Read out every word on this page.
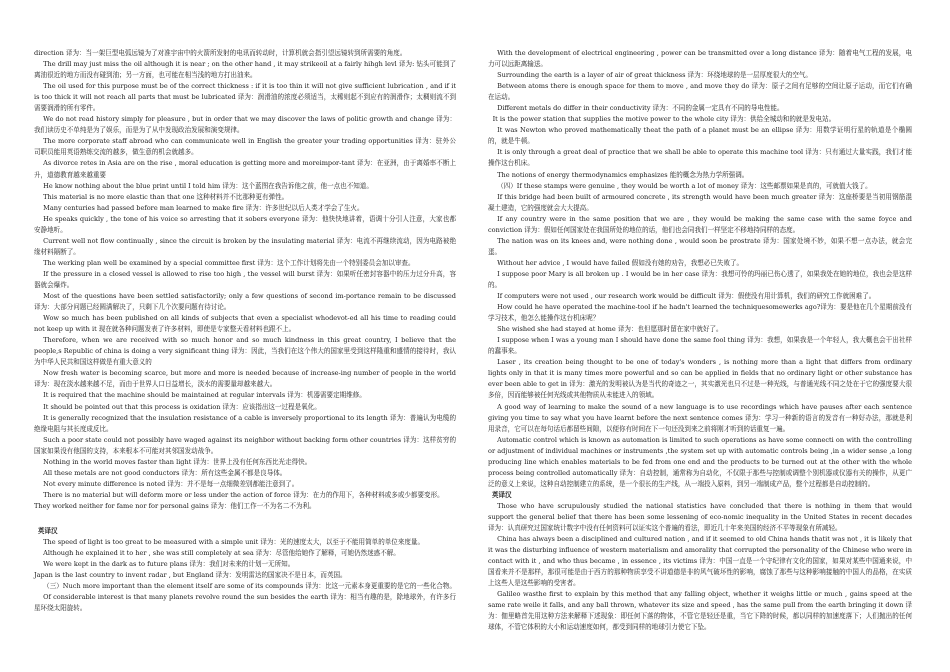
direction 译为：当一架巨型电弧远镜为了对准宇宙中的火箭所发射的电讯而转动时，计算机就会指引望远镜转到所需要的角度。

The drill may just miss the oil although it is near ; on the other hand , it may strikeoil at a fairly hihgh levl 译为: 钻头可能到了离油很近的地方而没有碰到油；另一方面，也可能在相当浅的地方打出油来。

The oil used for this purpose must be of the correct thickness : if it is too thin it will not give sufficient lubrication , and if it is too thick it will not reach all parts that must be lubricated 译为：润滑油的浓度必须适当，太稀则起不到应有的润滑作；太稠则流不到需要润滑的所有零件。

We do not read history simply for pleasure , but in order that we may discover the laws of politic growth and change 译为：我们读历史不单纯是为了娱乐，而是为了从中发现政治发展和演变规律。

The more corporate staff abroad who can communicate well in English the greater your trading opportunities 译为：驻外公司职员能用英语熟练交流的越多，做生意的机会就越多。

As divorce retes in Asia are on the rise , moral education is getting more and moreimpor-tant 译为：在亚洲，由于离婚率不断上升，道德教育越来越重要

He know nothing about the blue print until I told him 译为：这个蓝图在我告诉他之前，他一点也不知道。

This material is no more elastic than that one 这种材料并不比那种更有弹性。

Many centuries had passed before man learned to make fire 译为：许多世纪以后人类才学会了生火。

He speaks quickly , the tone of his voice so arresting that it sobers everyone 译为：他快快地讲着，语调十分引人注意，大家也都安静地听。

Current well not flow continually , since the circuit is broken by the insulating material 译为：电流不再继续流动，因为电路被绝缘材料隔断了。

The werking plan well be examined by a special committee first 译为：这个工作计划将先由一个特别委员会加以审查。

If the pressure in a closed vessel is allowed to rise too high , the vessel will burst 译为：如果听任密封容器中的压力过分升高，容器就会爆炸。

Most of the questions have been settled satisfactorily; only a few questions of second im-portance remain to be discussed 译为：大部分问题已经圆满解决了，只剩下几个次要问题有待讨论。

Wow so much has been published on all kinds of subjects that even a specialist whodevot-ed all his time to reading could not keep up with it 现在就各种问题发表了许多材料，即使是专家整天看材料也跟不上。

Therefore, when we are received with so much honor and so much kindness in this great country, I believe that the people,s Republic of china is doing a very significant thing 译为：因此，当我们在这个伟大的国家里受到这样隆重和盛情的接待时，我认为中华人民共和国这样做是有重大意义的

Now fresh water is becoming scarce, but more and more is needed because of increase-ing number of people in the world 译为：现在淡水越来越不足，而由于世界人口日益增长，淡水的需要量却越来越大。

It is required that the machine should be maintained at regular intervals 译为：机器需要定期维修。

It should be pointed out that this process is oxidation 译为：应该指出这一过程是氧化。

It is generally recognized that the insulation resistance of a cable is inversely proportional to its length 译为：普遍认为电缆的绝缘电阻与其长度成反比。

Such a poor state could not possibly have waged against its neighbor without backing form other countries 译为：这样贫穷的国家如果没有他国的支持，本来根本不可能对其邻国发动战争。

Nothing in the world moves faster than light 译为：世界上没有任何东西比光走得快。

All these metals are not good conductors 译为：所有这些金属不都是良导体。

Not every minute difference is noted 译为：并不是每一点细微差别都能注意到了。

There is no material but will deform more or less under the action of force 译为：在力的作用下，各种材料或多或少都要变形。

They worked neither for fame nor for personal gains 译为：他们工作一不为名二不为利。

英译汉

The speed of light is too great to be measured with a simple unit 译为：光的速度太大，以至于不能用简单的单位来度量。

Although he explained it to her , she was still completely at sea 译为：尽管他给她作了解释，可她仍然迷惑不解。

We were kept in the dark as to future plans 译为：我们对未来的计划一无所知。

Japan is the last country to invent radar , but England 译为：发明雷达的国家决不是日本，而英国。

（三）Nuch more important than the element itself are some of its compounds 译为：比这一元素本身更重要的是它的一些化合物。

Of considerable interest is that many planets revolve round the sun besides the earth 译为：相当有趣的是，除地球外，有许多行星环绕太阳旋转。

With the development of electrical engineering , power can be transmitted over a long distance 译为：随着电气工程的发展，电力可以远距离输送。

Surrounding the earth is a layer of air of great thickness 译为：环绕地球的是一层厚度很大的空气。

Between atoms there is enough space for them to move , and move they do 译为：原子之间有足够的空间让原子运动，而它们有确在运动。

Different metals do differ in their conductivity 译为：不同的金属一定具有不同的导电性能。

It is the power station that supplies the motive power to the whole city 译为：供给全城动和的就是发电站。

It was Newton who proved mathematically theat the path of a planet must be an ellipse 译为：用数学证明行星的轨道是个椭圆的，就是牛顿。

It is only through a great deal of practice that we shall be able to operate this machine tool 译为：只有通过大量实践，我们才能操作这台机床。

The notions of energy thermodynamics emphasizes 能的概念为热力学所强调。

（四）If these stamps were genuine , they would be worth a lot of money 译为：这些邮票如果是真的，可就值大钱了。

If this bridge had been built of armoured concrete , its strength would have been much greater 译为：这座桥要是当初用钢筋混凝土建造，它的强度就会大大提高。

If any country were in the same position that we are , they would be making the same case with the same foyce and conviction 译为：假如任何国家处在我国所处的地位的话，他们也会同我们一样坚定不移地持同样的态度。

The nation was on its knees and, were nothing done , would soon be prostrate 译为：国家处境不妙，如果不想一点办法，就会完蛋。

Without her advice , I would have failed 假如没有她的劝告，我想必已失败了。

I suppose poor Mary is all broken up . I would be in her case 译为：我想可怜的玛丽已伤心透了，如果我处在她的地位，我也会是这样的。

If computers were not used , our research work would be difficult 译为：假使没有用计算机，我们的研究工作就困难了。

How could he have operated the machine-tool if he hadn't learned the techniquesomewerks ago?译为：要是他在几个星期前没有学习技术，他怎么能操作这台机床呢？

She wished she had stayed at home 译为：也但愿那时留在家中就好了。

I suppose when I was a young man I should have done the same fool thing 译为：我想，如果我是一个年轻人，我大概也会干出社样的蠢事来。

Laser , its creation being thought to be one of today's wonders , is nothing more than a light that differs from ordinary lights only in that it is many times more powerful and so can be applied in fields that no ordinary light or other substance has ever been able to get in 译为：激光的发明被认为是当代的奇迹之一，其实激光也只不过是一种光线，与普通光线不同之处在于它的强度要大很多倍，因而能够被任何光线或其他物质从未能进入的领域。

A good way of learning to make the sound of a new language is to use recordings which have pauses after each sentence giving you time to say what you have learnt before the next sentence comes 译为：学习一种新的语言的发音有一种好办法，那就是利用录音，它可以在每句话后都留些间隙，以便你有时间在下一句还没到来之前将刚才听到的话重复一遍。

Automatic control which is known as automation is limited to such operations as have some connecti on with the controlling or adjustment of individual machines or instruments ,the system set up with automatic controls being ,in a wider sense ,a long producing line which enables materials to be fed from one end and the products to be turned out at the other with the whole process being controlled automatically 译为：自动控制，通常称为自动化，不仅限于那些与控制或调整个别机器或仪器有关的操作，从更广泛的意义上来说，这种自动控制建立的系统，是一个很长的生产线，从一端投入原料，到另一端制成产品，整个过程都是自动控制的。

英译汉

Those who have scrupulously studied the national statistics have concluded that there is nothing in them that would support the general belief that there has been some lessening of eco-nomic inequality in the United States in recent decades 译为：认真研究过国家统计数字中没有任何资料可以证实这个普遍的看法，即近几十年来美国的经济不平等现象有所减轻。

China has always been a disciplined and cultured nation , and if it seemed to old China hands thatit was not , it is likely that it was the disturbing influence of western materialism and amorality that corrupted the personality of the Chinese who were in contact with it , and who thus became , in essence , its victims 译为：中国一直是一个守纪律有文化的国家，如果对某些中国通来说，中国看来并不是那样，那很可能是由于西方的那种物质享受不讲道德是非的风气破坏性的影响，腐蚀了那些与这种影响接触的中国人的品格，在实质上这些人是这些影响的受害者。

Galileo wasthe first to explain by this method that any falling object, whether it weighs little or much , gains speed at the same rate weile it falls, and any ball thrown, whatever its size and speed , has the same pull from the earth bringing it down 译为：伽里略首先用这种方法来解释下述现象：即任何下落的物体，不管它是轻还是重，当它下降的时候，都以同样的加速度落下；人们抛出的任何球体，不管它体积的大小和运动速度如何，都受到同样的地球引力使它下坠。
